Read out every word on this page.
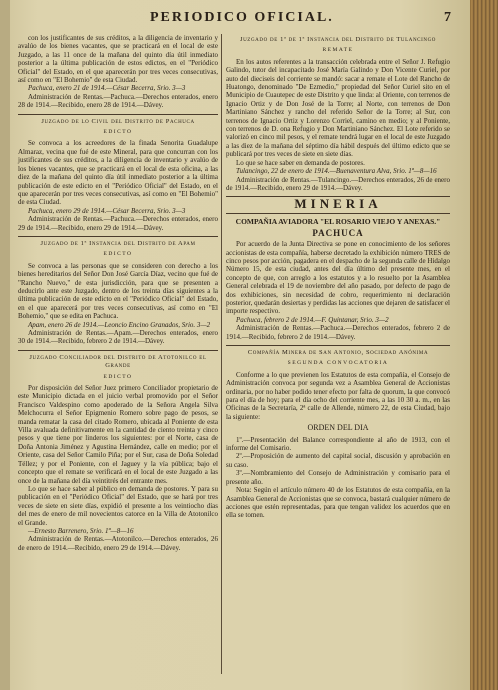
PERIODICO OFICIAL.	7

con los justificantes de sus créditos, a la diligencia de inventario y avalúo de los bienes vacantes, que se practicará en el local de este Juzgado, a las 11 once de la mañana del quinto día útil inmediato posterior a la última publicación de estos edictos, en el "Periódico Oficial" del Estado, en el que aparecerán por tres veces consecutivas, así como en "El Bohemio" de esta Ciudad.

Pachuca, enero 21 de 1914.—César Becerra, Srio. 3—3

Administración de Rentas.—Pachuca.—Derechos enterados, enero 28 de 1914.—Recibido, enero 28 de 1914.—Dávey.

Juzgado de lo Civil del Distrito de Pachuca
EDICTO

Se convoca a los acreedores de la finada Senorita Guadalupe Almaraz, vecina que fué de este Mineral, para que concurran con los justificantes de sus créditos, a la diligencia de inventario y avalúo de los bienes vacantes, que se practicará en el local de esta oficina, a las diez de la mañana del quinto día útil inmediato posterior a la última publicación de este edicto en el "Periódico Oficial" del Estado, en el que aparecerán por tres veces consecutivas, así como en "El Bohemio" de esta Ciudad.

Pachuca, enero 29 de 1914.—César Becerra, Srio. 3—3

Administración de Rentas.—Pachuca.—Derechos enterados, enero 29 de 1914.—Recibido, enero 29 de 1914.—Dávey.

Juzgado de 1ª Instancia del Distrito de Apam
EDICTO

Se convoca a las personas que se consideren con derecho a los bienes hereditarios del Señor Don José García Díaz, vecino que fué de "Rancho Nuevo," de esta jurisdicción, para que se presenten a deducirlo ante este Juzgado, dentro de los treinta días siguientes a la última publicación de este edicto en el "Periódico Oficial" del Estado, en el que aparecerá por tres veces consecutivas, así como en "El Bohemio," que se edita en Pachuca.

Apam, enero 26 de 1914.—Leoncio Encino Granados, Srio. 3—2

Administración de Rentas.—Apam.—Derechos enterados, enero 30 de 1914.—Recibido, febrero 2 de 1914.—Dávey.

Juzgado Conciliador del Distrito de Atotonilco el Grande
EDICTO

Por disposición del Señor Juez primero Conciliador propietario de este Municipio dictada en el juicio verbal promovido por el Señor Francisco Valdespino como apoderado de la Señora Angela Silva Melchocurra el Señor Epigmenio Romero sobre pago de pesos, se manda rematar la casa del citado Romero, ubicada al Poniente de esta Villa avaluada definitivamente en la cantidad de ciento treinta y cinco pesos y que tiene por linderos los siguientes: por el Norte, casa de Doña Antonia Jiménez y Agustina Hernández, calle en medio; por el Oriente, casa del Señor Camilo Piña; por el Sur, casa de Doña Soledad Téllez; y por el Poniente, con el Jaguey y la vía pública; bajo el concepto que el remate se verificará en el local de este Juzgado a las once de la mañana del día veintitrés del entrante mes.

Lo que se hace saber al público en demanda de postores. Y para su publicación en el "Periódico Oficial" del Estado, que se hará por tres veces de siete en siete días, expidió el presente a los veintiocho días del mes de enero de mil novecientos catorce en la Villa de Atotonilco el Grande.

—Ernesto Barrenero, Srio. 1ª—8—16

Administración de Rentas.—Atotonilco.—Derechos enterados, 26 de enero de 1914.—Recibido, enero 29 de 1914.—Dávey.

Juzgado de 1ª de 1ª Instancia del Distrito de Tulancingo
REMATE

En los autos referentes a la transacción celebrada entre el Señor J. Refugio Galindo, tutor del incapacitado José María Galindo y Don Vicente Curiel, por auto del dieciseis del corriente se mandó: sacar a remate el Lote del Rancho de Huatongo, denominado "De Ezmedio," propiedad del Señor Curiel sito en el Municipio de Cuautepec de este Distrito y que linda: al Oriente, con terrenos de Ignacio Ortiz y de Don José de la Torre; al Norte, con terrenos de Don Martiniano Sánchez y rancho del referido Señor de la Torre; al Sur, con terrenos de Ignacio Ortiz y Lorenzo Corriel, camino en medio; y al Poniente, con terrenos de D. ona Refugio y Don Martiniano Sánchez. El Lote referido se valorizó en cinco mil pesos, y el remate tendrá lugar en el local de este Juzgado a las diez de la mañana del séptimo día hábil después del último edicto que se publicará por tres veces de siete en siete días.

Lo que se hace saber en demanda de postores.

Tulancingo, 22 de enero de 1914.—Buenaventura Alva, Srio. 1ª—8—16

Administración de Rentas.—Tulancingo.—Derechos enterados, 26 de enero de 1914.—Recibido, enero 29 de 1914.—Dávey.

MINERIA
COMPAÑIA AVIADORA "EL ROSARIO VIEJO Y ANEXAS."
PACHUCA

Por acuerdo de la Junta Directiva se pone en conocimiento de los señores accionistas de esta compañía, haberse decretado la exhibición número TRES de cinco pesos por acción, pagadera en el despacho de la segunda calle de Hidalgo Número 15, de esta ciudad, antes del día último del presente mes, en el concepto de que, con arreglo a los estatutos y a lo resuelto por la Asamblea General celebrada el 19 de noviembre del año pasado, por defecto de pago de dos exhibiciones, sin necesidad de cobro, requerimiento ni declaración posterior, quedarán desiertas y perdidas las acciones que dejaren de satisfacer el importe respectivo.

Pachuca, febrero 2 de 1914.—F. Quintanar, Srio. 3—2

Administración de Rentas.—Pachuca.—Derechos enterados, febrero 2 de 1914.—Recibido, febrero 2 de 1914.—Dávey.

Compañía Minera de San Antonio, Sociedad Anónima
SEGUNDA CONVOCATORIA

Conforme a lo que previenen los Estatutos de esta compañía, el Consejo de Administración convoca por segunda vez a Asamblea General de Accionistas ordinaria, por no haber podido tener efecto por falta de quorum, la que convocó para el día de hoy; para el día ocho del corriente mes, a las 10 30 a. m., en las Oficinas de la Secretaría, 2ª calle de Allende, número 22, de esta Ciudad, bajo la siguiente:

ORDEN DEL DIA

1º.—Presentación del Balance correspondiente al año de 1913, con el informe del Comisario.

2º.—Proposición de aumento del capital social, discusión y aprobación en su caso.

3º.—Nombramiento del Consejo de Administración y comisario para el presente año.

Nota: Según el artículo número 40 de los Estatutos de esta compañía, en la Asamblea General de Accionistas que se convoca, bastará cualquier número de acciones que estén representadas, para que tengan validez los acuerdos que en ella se tomen.
